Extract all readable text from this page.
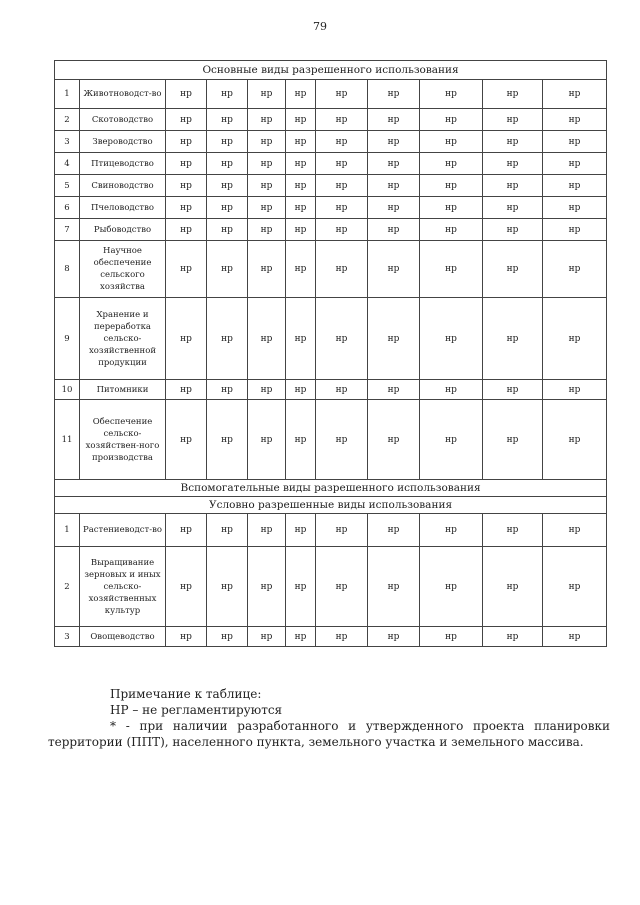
79
Основные виды разрешенного использования										
1	Животноводст-во	нр	нр	нр	нр	нр	нр	нр	нр	нр
2	Скотоводство	нр	нр	нр	нр	нр	нр	нр	нр	нр
3	Звероводство	нр	нр	нр	нр	нр	нр	нр	нр	нр
4	Птицеводство	нр	нр	нр	нр	нр	нр	нр	нр	нр
5	Свиноводство	нр	нр	нр	нр	нр	нр	нр	нр	нр
6	Пчеловодство	нр	нр	нр	нр	нр	нр	нр	нр	нр
7	Рыбоводство	нр	нр	нр	нр	нр	нр	нр	нр	нр
8	Научное обеспечение сельского хозяйства	нр	нр	нр	нр	нр	нр	нр	нр	нр
9	Хранение и переработка сельско-хозяйственной продукции	нр	нр	нр	нр	нр	нр	нр	нр	нр
10	Питомники	нр	нр	нр	нр	нр	нр	нр	нр	нр
11	Обеспечение сельско-хозяйствен-ного производства	нр	нр	нр	нр	нр	нр	нр	нр	нр
Вспомогательные виды разрешенного использования										
Условно разрешенные виды использования										
1	Растениеводст-во	нр	нр	нр	нр	нр	нр	нр	нр	нр
2	Выращивание зерновых и иных сельско-хозяйственных культур	нр	нр	нр	нр	нр	нр	нр	нр	нр
3	Овощеводство	нр	нр	нр	нр	нр	нр	нр	нр	нр

Примечание к таблице:

НР – не регламентируются

* - при наличии разработанного и утвержденного проекта планировки территории (ППТ), населенного пункта, земельного участка и земельного массива.
